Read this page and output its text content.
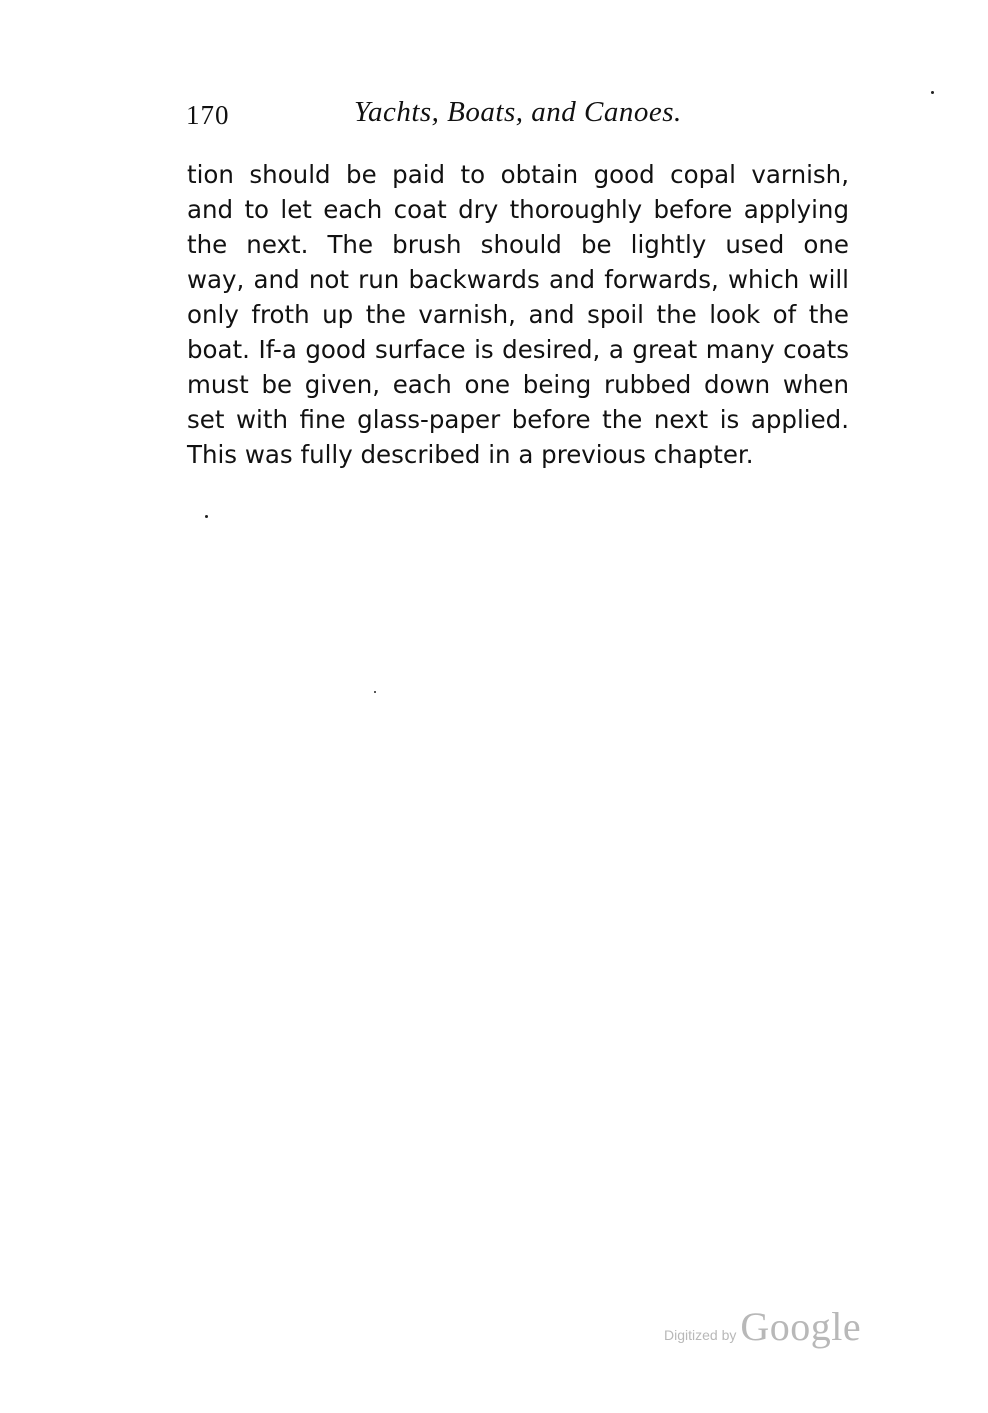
170	Yachts, Boats, and Canoes.
tion should be paid to obtain good copal varnish,
and to let each coat dry thoroughly before applying
the next. The brush should be lightly used one
way, and not run backwards and forwards, which will
only froth up the varnish, and spoil the look of the
boat. If-a good surface is desired, a great many coats
must be given, each one being rubbed down when
set with fine glass-paper before the next is applied.
This was fully described in a previous chapter.
Digitized by Google
